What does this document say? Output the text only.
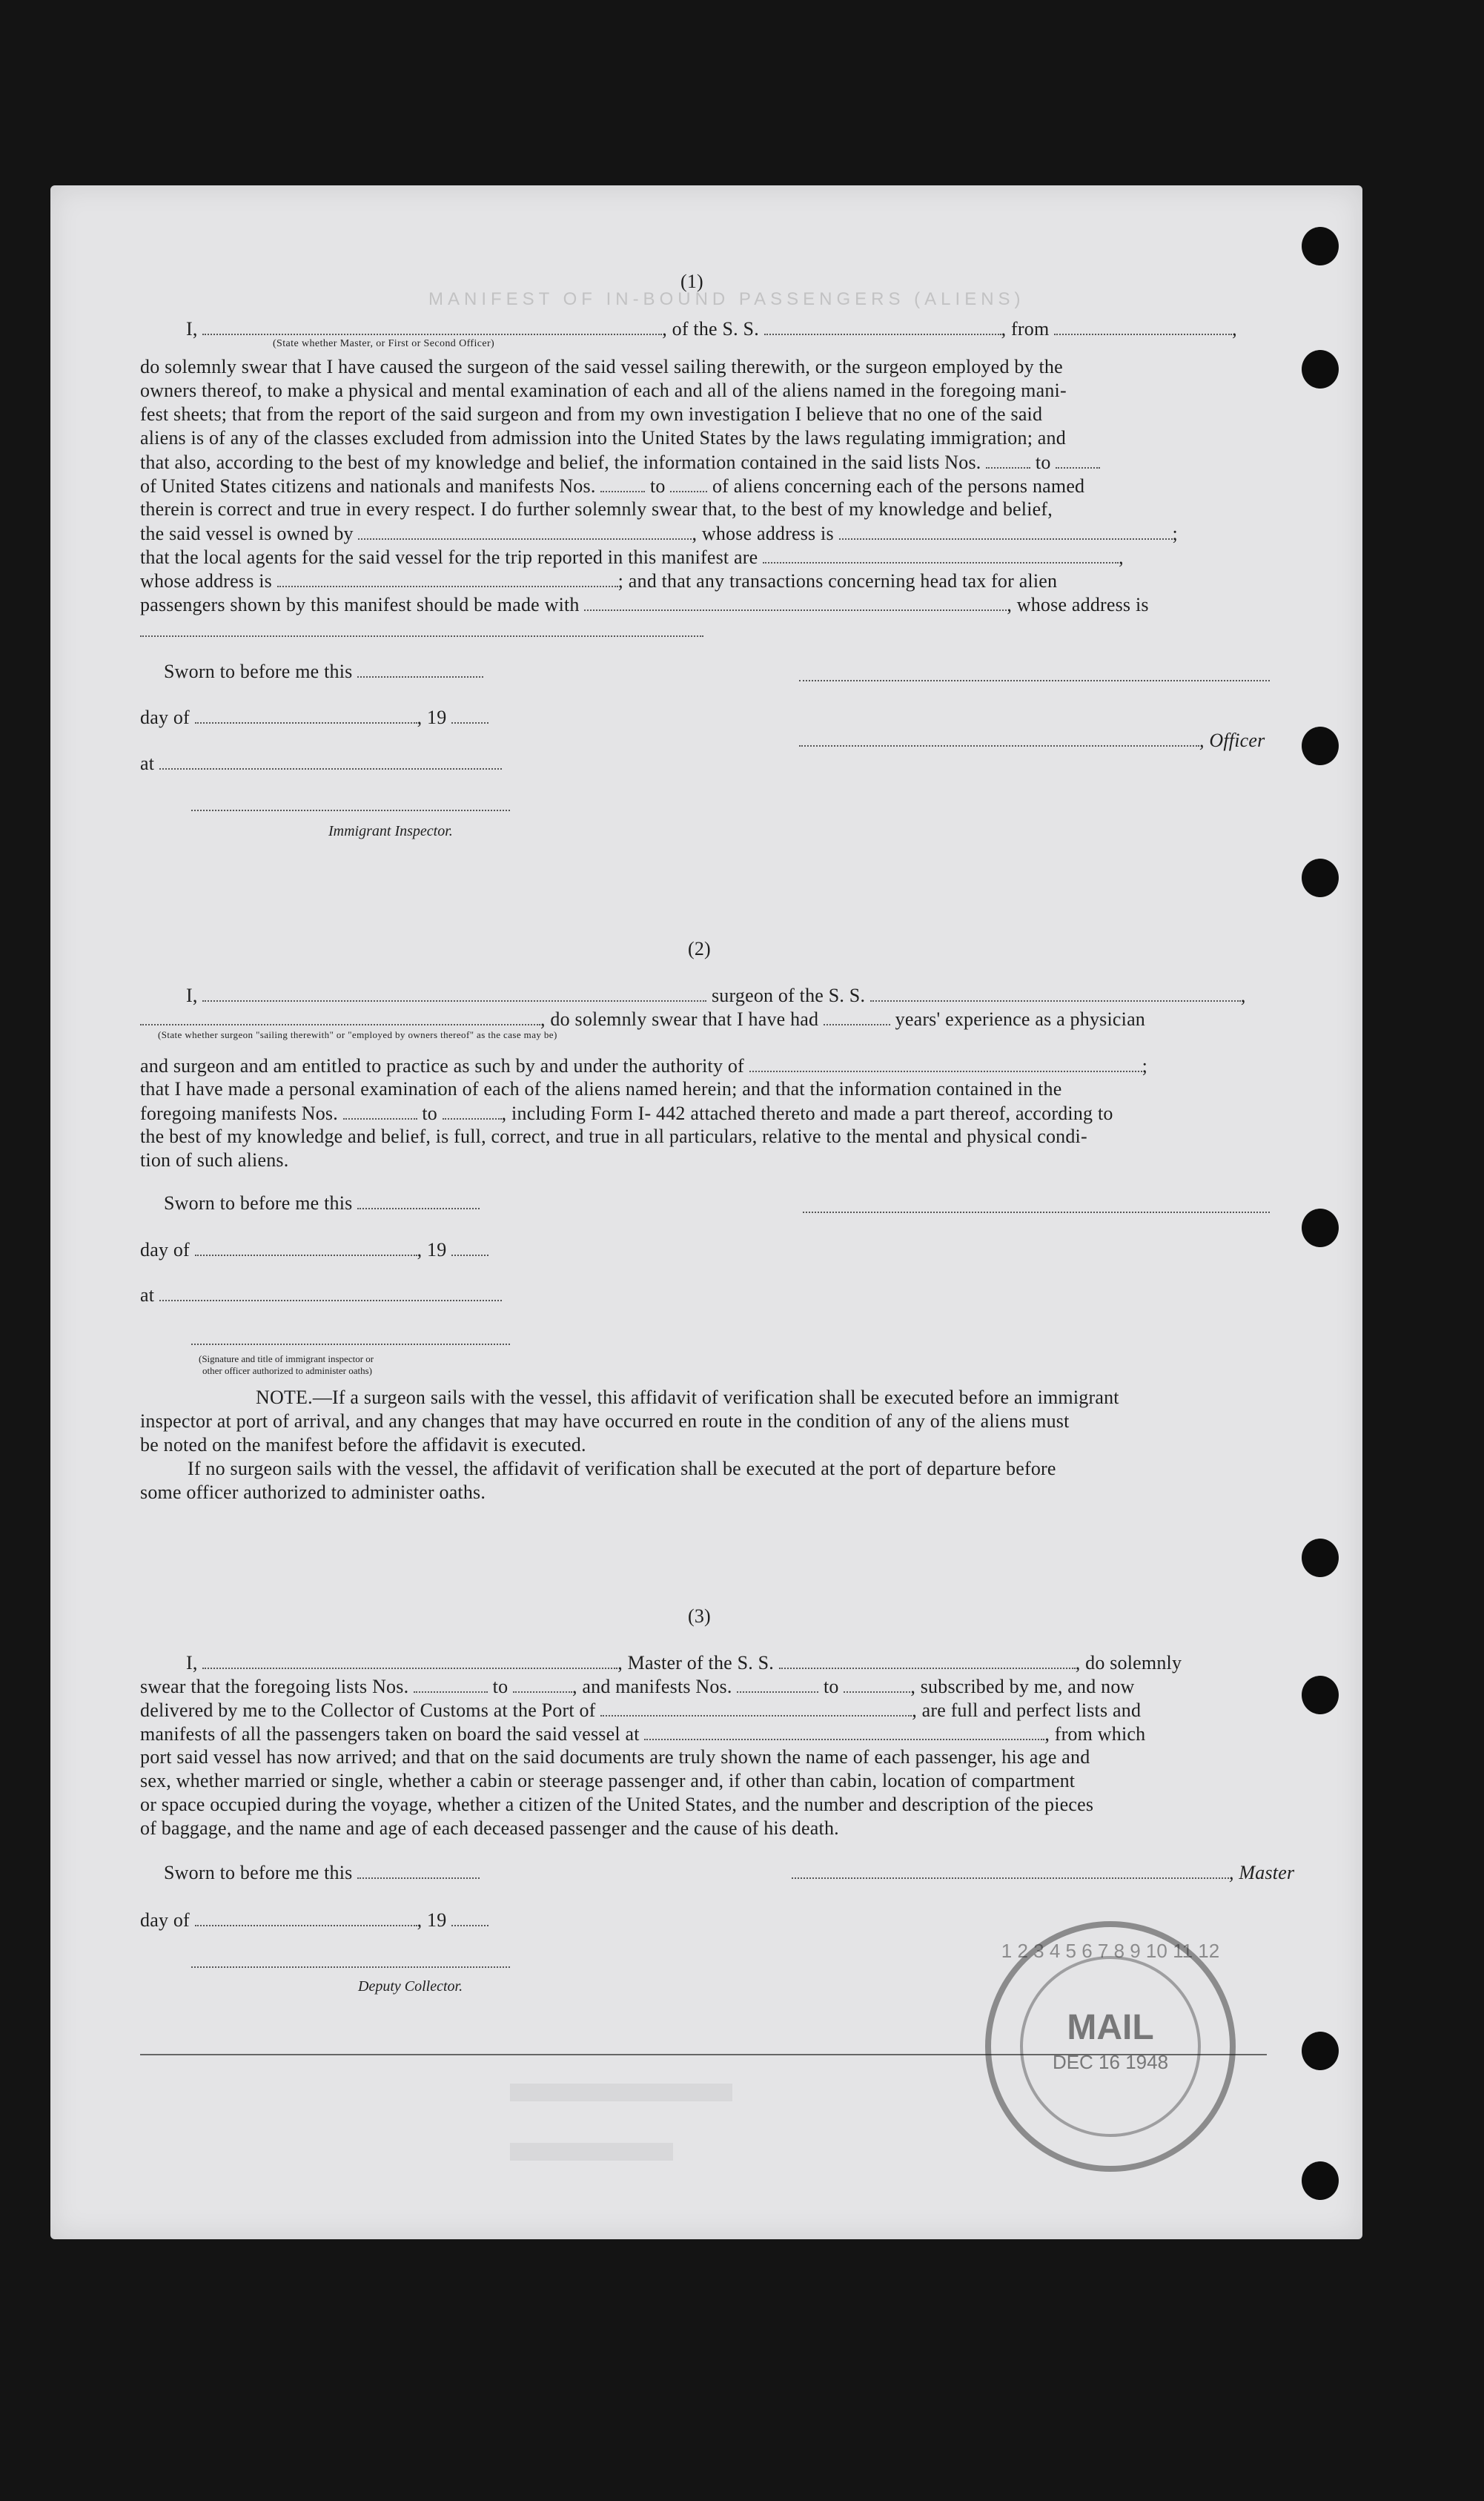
MANIFEST OF IN-BOUND PASSENGERS (ALIENS)
(1)
I,	, of the S. S.	, from	,
(State whether Master, or First or Second Officer)
do solemnly swear that I have caused the surgeon of the said vessel sailing therewith, or the surgeon employed by the
owners thereof, to make a physical and mental examination of each and all of the aliens named in the foregoing mani-
fest sheets; that from the report of the said surgeon and from my own investigation I believe that no one of the said
aliens is of any of the classes excluded from admission into the United States by the laws regulating immigration; and
that also, according to the best of my knowledge and belief, the information contained in the said lists Nos.	to
of United States citizens and nationals and manifests Nos.	to of aliens concerning each of the persons named
therein is correct and true in every respect. I do further solemnly swear that, to the best of my knowledge and belief,
the said vessel is owned by	, whose address is	;
that the local agents for the said vessel for the trip reported in this manifest are	,
whose address is	; and that any transactions concerning head tax for alien
passengers shown by this manifest should be made with	, whose address is
Sworn to before me this
day of	, 19
, Officer
at
Immigrant Inspector.
(2)
I,	surgeon of the S. S.	,
, do solemnly swear that I have had	years' experience as a physician
(State whether surgeon "sailing therewith" or "employed by owners thereof" as the case may be)
and surgeon and am entitled to practice as such by and under the authority of	;
that I have made a personal examination of each of the aliens named herein; and that the information contained in the
foregoing manifests Nos.	to	, including Form I- 442 attached thereto and made a part thereof, according to
the best of my knowledge and belief, is full, correct, and true in all particulars, relative to the mental and physical condi-
tion of such aliens.
Sworn to before me this
day of	, 19
at
(Signature and title of immigrant inspector or
other officer authorized to administer oaths)
NOTE.—If a surgeon sails with the vessel, this affidavit of verification shall be executed before an immigrant
inspector at port of arrival, and any changes that may have occurred en route in the condition of any of the aliens must
be noted on the manifest before the affidavit is executed.
If no surgeon sails with the vessel, the affidavit of verification shall be executed at the port of departure before
some officer authorized to administer oaths.
(3)
I,	, Master of the S. S.	, do solemnly
swear that the foregoing lists Nos.	to	, and manifests Nos.	to	, subscribed by me, and now
delivered by me to the Collector of Customs at the Port of	, are full and perfect lists and
manifests of all the passengers taken on board the said vessel at	, from which
port said vessel has now arrived; and that on the said documents are truly shown the name of each passenger, his age and
sex, whether married or single, whether a cabin or steerage passenger and, if other than cabin, location of compartment
or space occupied during the voyage, whether a citizen of the United States, and the number and description of the pieces
of baggage, and the name and age of each deceased passenger and the cause of his death.
Sworn to before me this	, Master
day of	, 19
Deputy Collector.
1 2 3 4 5 6 7 8 9 10 11 12
MAIL
DEC 16 1948
